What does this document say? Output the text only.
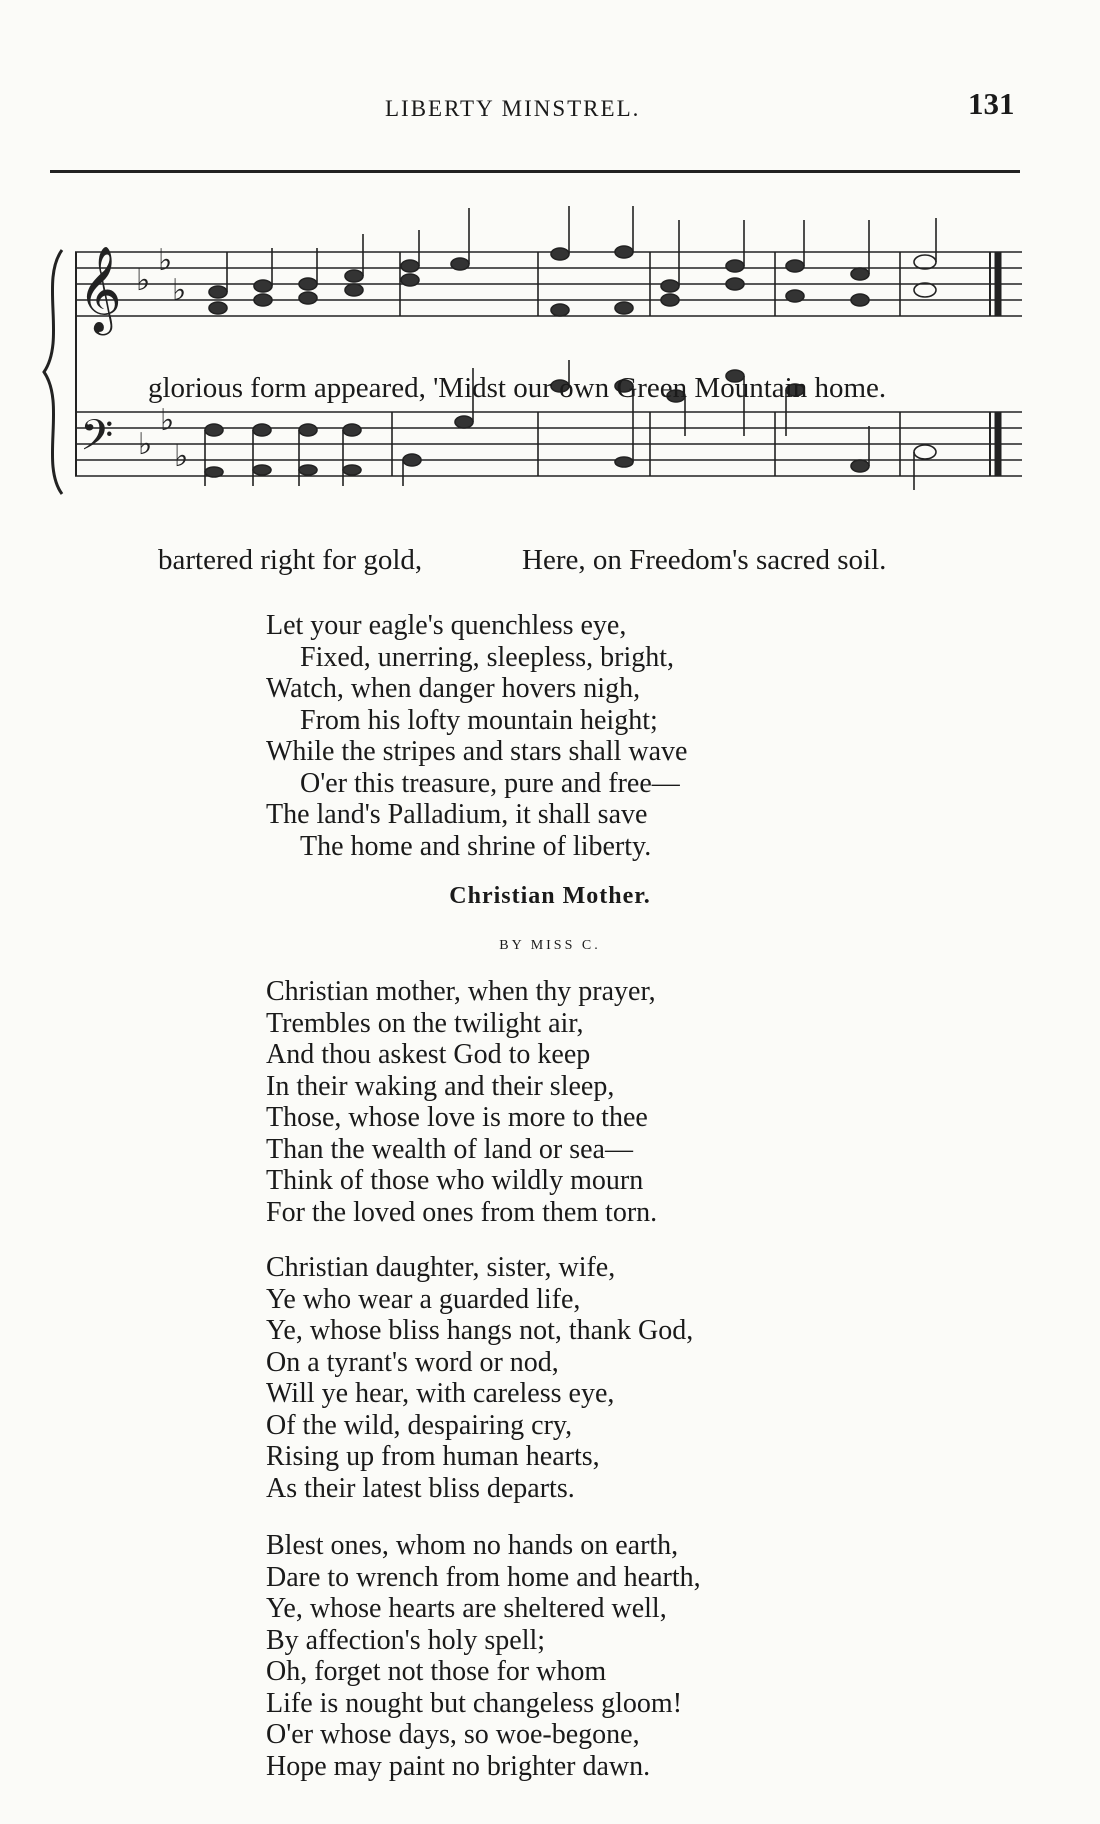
LIBERTY MINSTREL.	131
𝄞
𝄢
♭
♭ ♭
♭
♭ ♭
glorious form appeared, 'Midst our own Green Mountain home.
bartered right for gold,	Here, on Freedom's sacred soil.
Let your eagle's quenchless eye,
Fixed, unerring, sleepless, bright,
Watch, when danger hovers nigh,
From his lofty mountain height;
While the stripes and stars shall wave
O'er this treasure, pure and free—
The land's Palladium, it shall save
The home and shrine of liberty.
Christian Mother.
BY MISS C.
Christian mother, when thy prayer,
Trembles on the twilight air,
And thou askest God to keep
In their waking and their sleep,
Those, whose love is more to thee
Than the wealth of land or sea—
Think of those who wildly mourn
For the loved ones from them torn.
Christian daughter, sister, wife,
Ye who wear a guarded life,
Ye, whose bliss hangs not, thank God,
On a tyrant's word or nod,
Will ye hear, with careless eye,
Of the wild, despairing cry,
Rising up from human hearts,
As their latest bliss departs.
Blest ones, whom no hands on earth,
Dare to wrench from home and hearth,
Ye, whose hearts are sheltered well,
By affection's holy spell;
Oh, forget not those for whom
Life is nought but changeless gloom!
O'er whose days, so woe-begone,
Hope may paint no brighter dawn.
